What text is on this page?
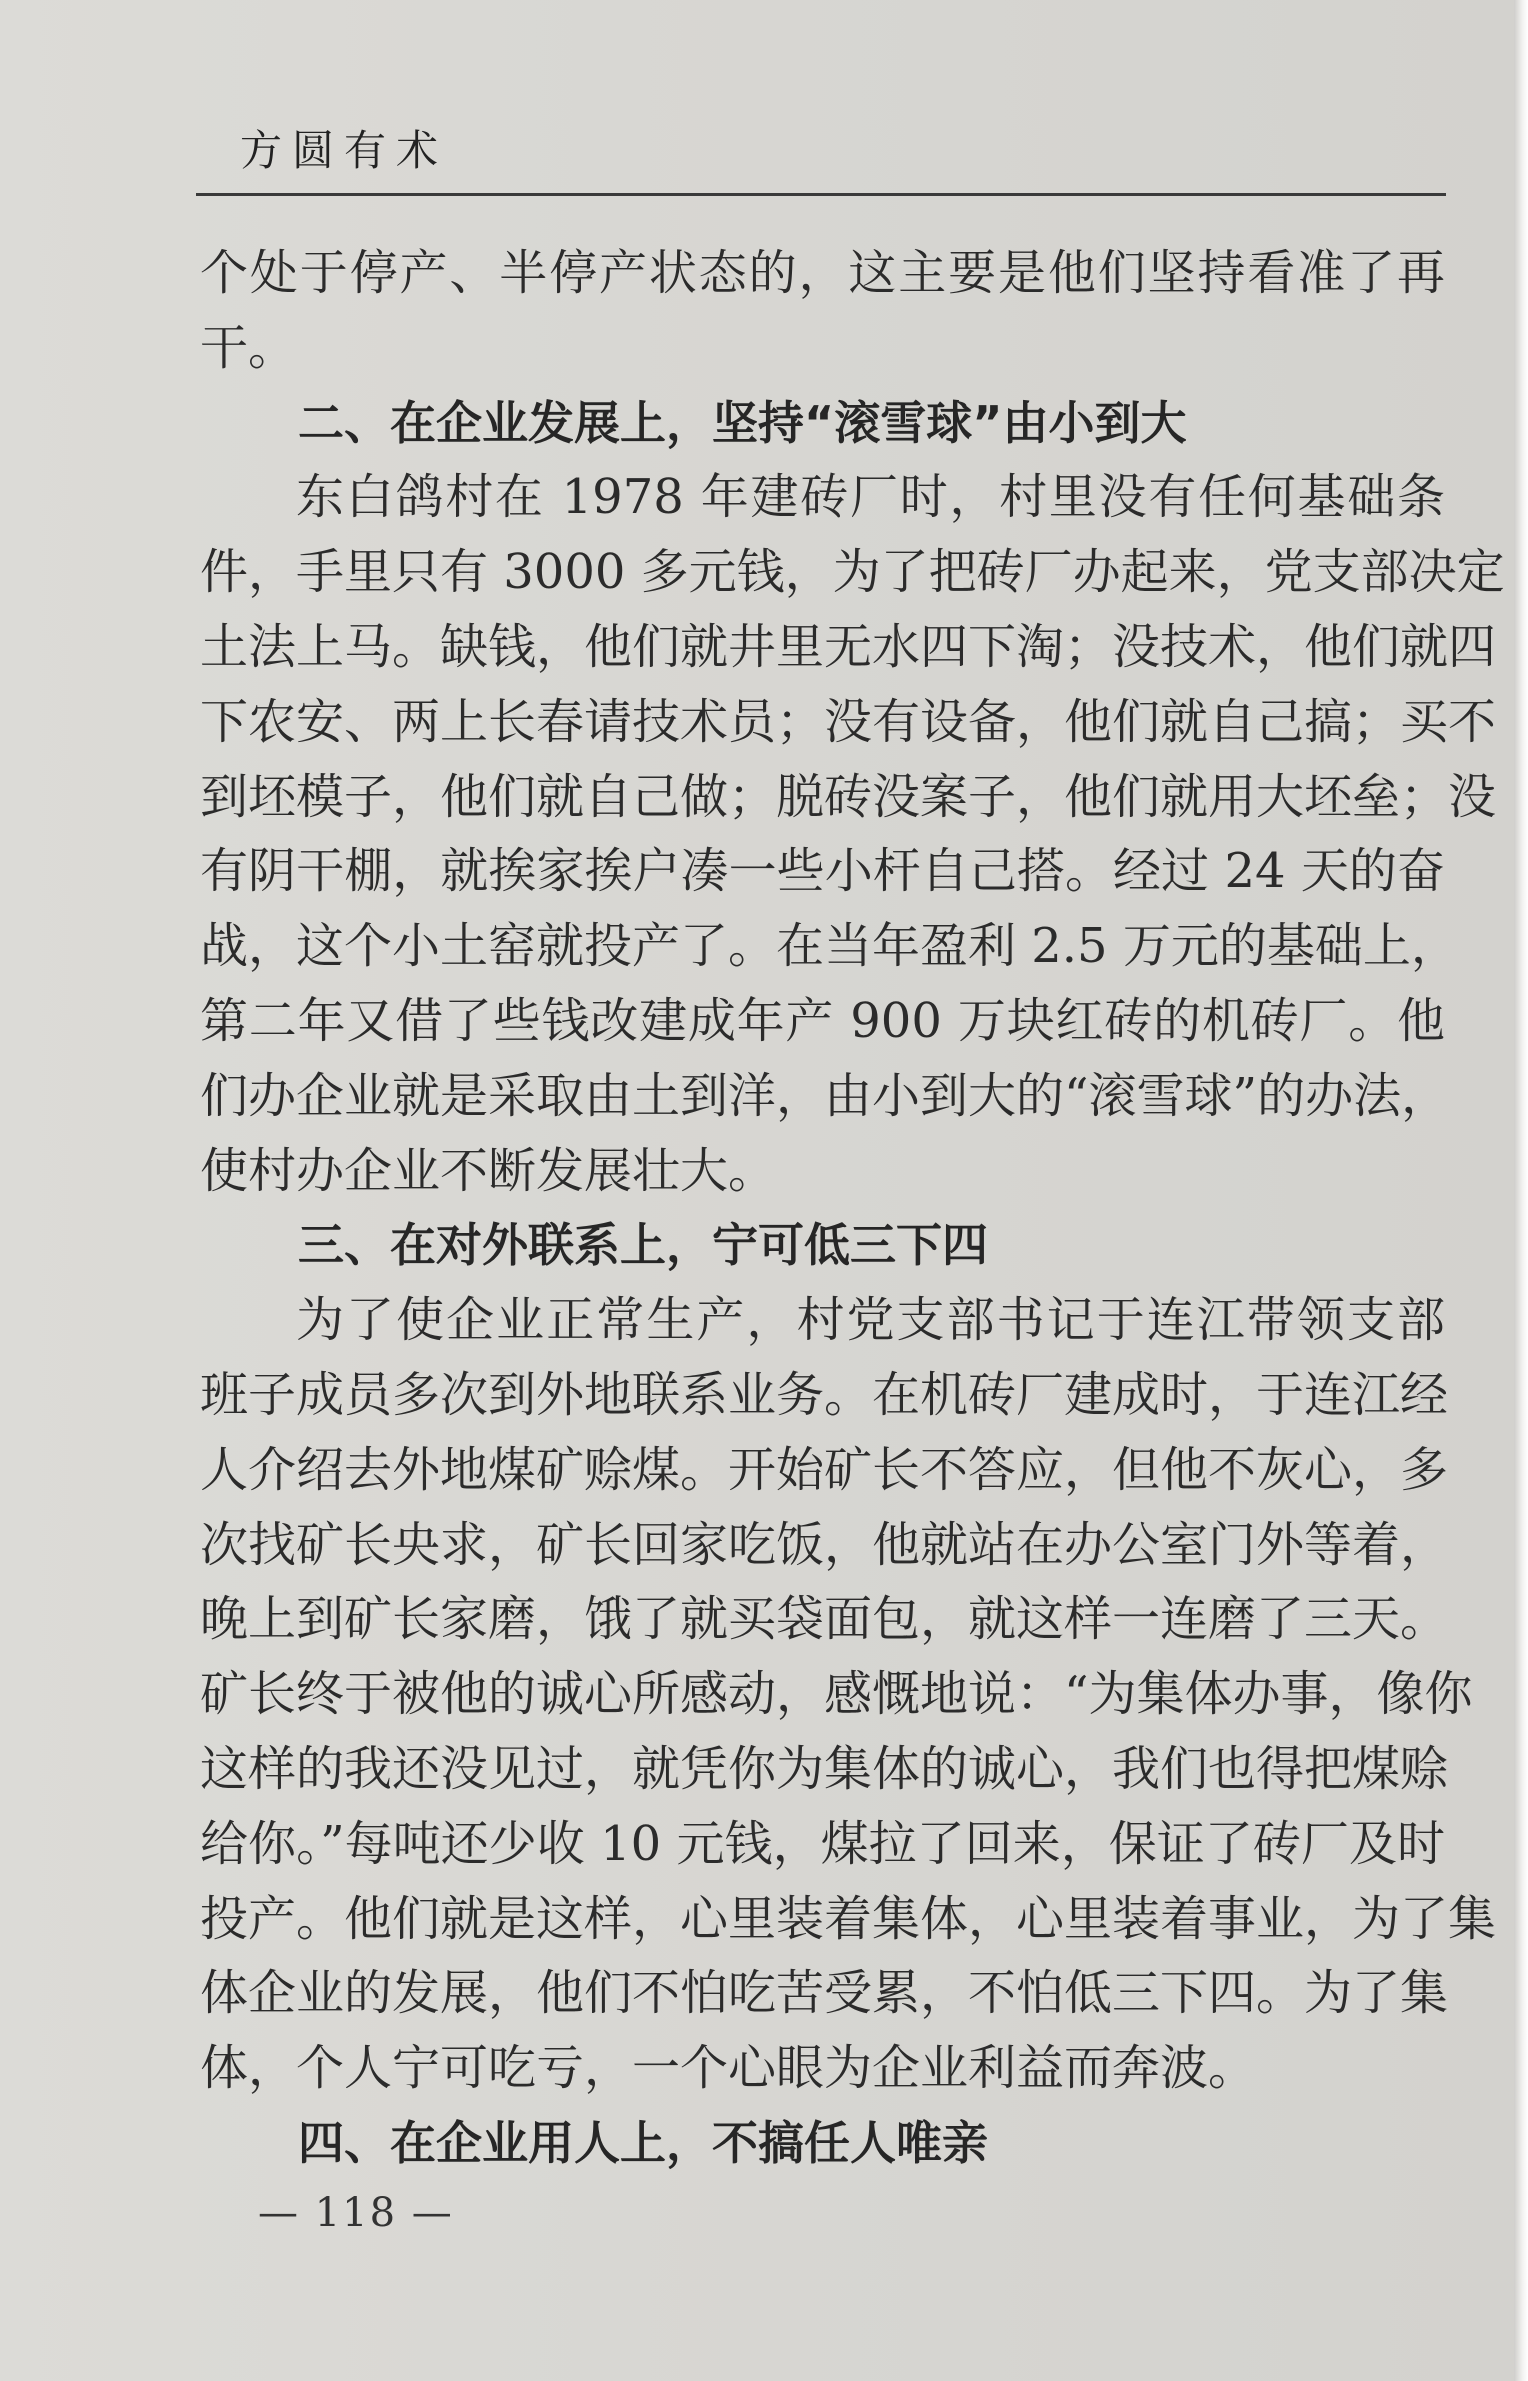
方圆有术
个处于停产、半停产状态的，这主要是他们坚持看准了再
干。
二、在企业发展上，坚持“滚雪球”由小到大
东白鸽村在 1978 年建砖厂时，村里没有任何基础条
件，手里只有 3000 多元钱，为了把砖厂办起来，党支部决定
土法上马。缺钱，他们就井里无水四下淘；没技术，他们就四
下农安、两上长春请技术员；没有设备，他们就自己搞；买不
到坯模子，他们就自己做；脱砖没案子，他们就用大坯垒；没
有阴干棚，就挨家挨户凑一些小杆自己搭。经过 24 天的奋
战，这个小土窑就投产了。在当年盈利 2.5 万元的基础上，
第二年又借了些钱改建成年产 900 万块红砖的机砖厂。他
们办企业就是采取由土到洋，由小到大的“滚雪球”的办法，
使村办企业不断发展壮大。
三、在对外联系上，宁可低三下四
为了使企业正常生产，村党支部书记于连江带领支部
班子成员多次到外地联系业务。在机砖厂建成时，于连江经
人介绍去外地煤矿赊煤。开始矿长不答应，但他不灰心，多
次找矿长央求，矿长回家吃饭，他就站在办公室门外等着，
晚上到矿长家磨，饿了就买袋面包，就这样一连磨了三天。
矿长终于被他的诚心所感动，感慨地说：“为集体办事，像你
这样的我还没见过，就凭你为集体的诚心，我们也得把煤赊
给你。”每吨还少收 10 元钱，煤拉了回来，保证了砖厂及时
投产。他们就是这样，心里装着集体，心里装着事业，为了集
体企业的发展，他们不怕吃苦受累，不怕低三下四。为了集
体，个人宁可吃亏，一个心眼为企业利益而奔波。
四、在企业用人上，不搞任人唯亲
— 118 —
